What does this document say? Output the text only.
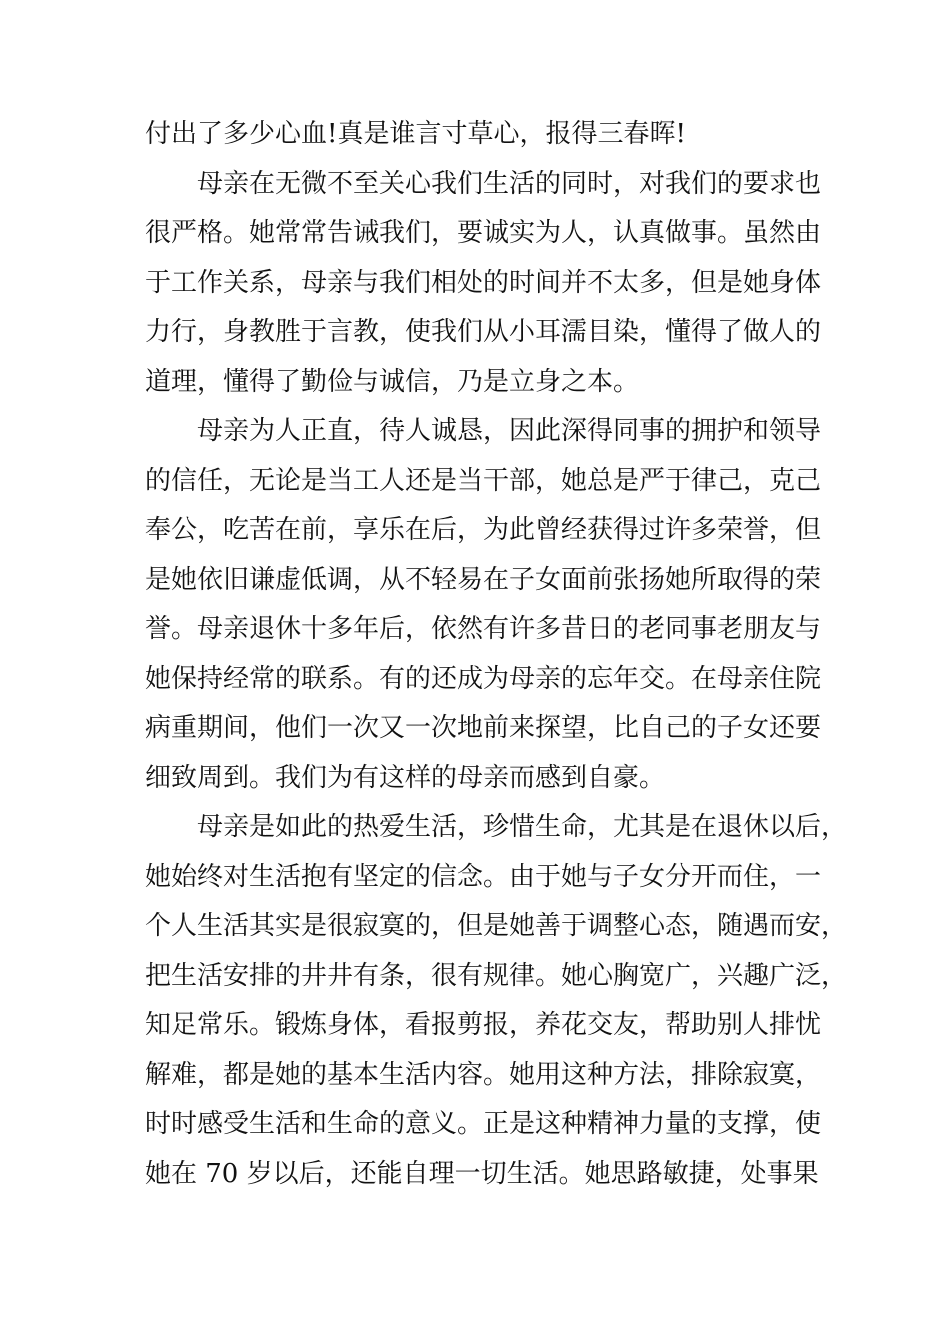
付出了多少心血!真是谁言寸草心，报得三春晖!
母亲在无微不至关心我们生活的同时，对我们的要求也
很严格。她常常告诫我们，要诚实为人，认真做事。虽然由
于工作关系，母亲与我们相处的时间并不太多，但是她身体
力行，身教胜于言教，使我们从小耳濡目染，懂得了做人的
道理，懂得了勤俭与诚信，乃是立身之本。
母亲为人正直，待人诚恳，因此深得同事的拥护和领导
的信任，无论是当工人还是当干部，她总是严于律己，克己
奉公，吃苦在前，享乐在后，为此曾经获得过许多荣誉，但
是她依旧谦虚低调，从不轻易在子女面前张扬她所取得的荣
誉。母亲退休十多年后，依然有许多昔日的老同事老朋友与
她保持经常的联系。有的还成为母亲的忘年交。在母亲住院
病重期间，他们一次又一次地前来探望，比自己的子女还要
细致周到。我们为有这样的母亲而感到自豪。
母亲是如此的热爱生活，珍惜生命，尤其是在退休以后，
她始终对生活抱有坚定的信念。由于她与子女分开而住，一
个人生活其实是很寂寞的，但是她善于调整心态，随遇而安，
把生活安排的井井有条，很有规律。她心胸宽广，兴趣广泛，
知足常乐。锻炼身体，看报剪报，养花交友，帮助别人排忧
解难，都是她的基本生活内容。她用这种方法，排除寂寞，
时时感受生活和生命的意义。正是这种精神力量的支撑，使
她在 70 岁以后，还能自理一切生活。她思路敏捷，处事果
